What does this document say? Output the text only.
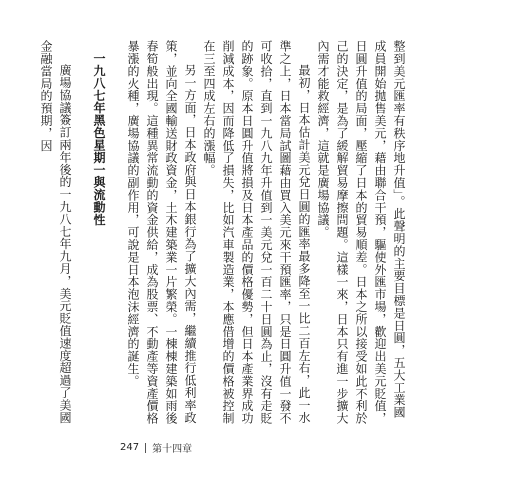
整到美元匯率有秩序地升值」。此聲明的主要目標是日圓，五大工業國成員開始拋售美元，藉由聯合干預，驅使外匯市場，歡迎出美元貶值，日圓升值的局面，壓縮了日本的貿易順差。日本之所以接受如此不利於己的決定，是為了緩解貿易摩擦問題。這樣一來，日本只有進一步擴大內需才能救經濟，這就是廣場協議。

最初，日本估計美元兌日圓的匯率最多降至一比二百左右，此一水準之上，日本當局試圖藉由買入美元來干預匯率，只是日圓升值一發不可收拾，直到一九八九年升值到一美元兌一百二十日圓為止，沒有走貶的跡象。原本日圓升值將損及日本產品的價格優勢，但日本產業界成功削減成本，因而降低了損失，比如汽車製造業，本應借增的價格被控制在三至四成左右的漲幅。

另一方面，日本政府與日本銀行為了擴大內需，繼續推行低利率政策，並向全國輸送財政資金，土木建築業一片繁榮。一棟棟建築如雨後春筍般出現。這種異常流動的資金供給，成為股票、不動產等資產價格暴漲的火種，廣場協議的副作用，可說是日本泡沫經濟的誕生。

一九八七年黑色星期一與流動性

廣場協議簽訂兩年後的一九八七年九月，美元貶值速度超過了美國金融當局的預期，因

247 第十四章
